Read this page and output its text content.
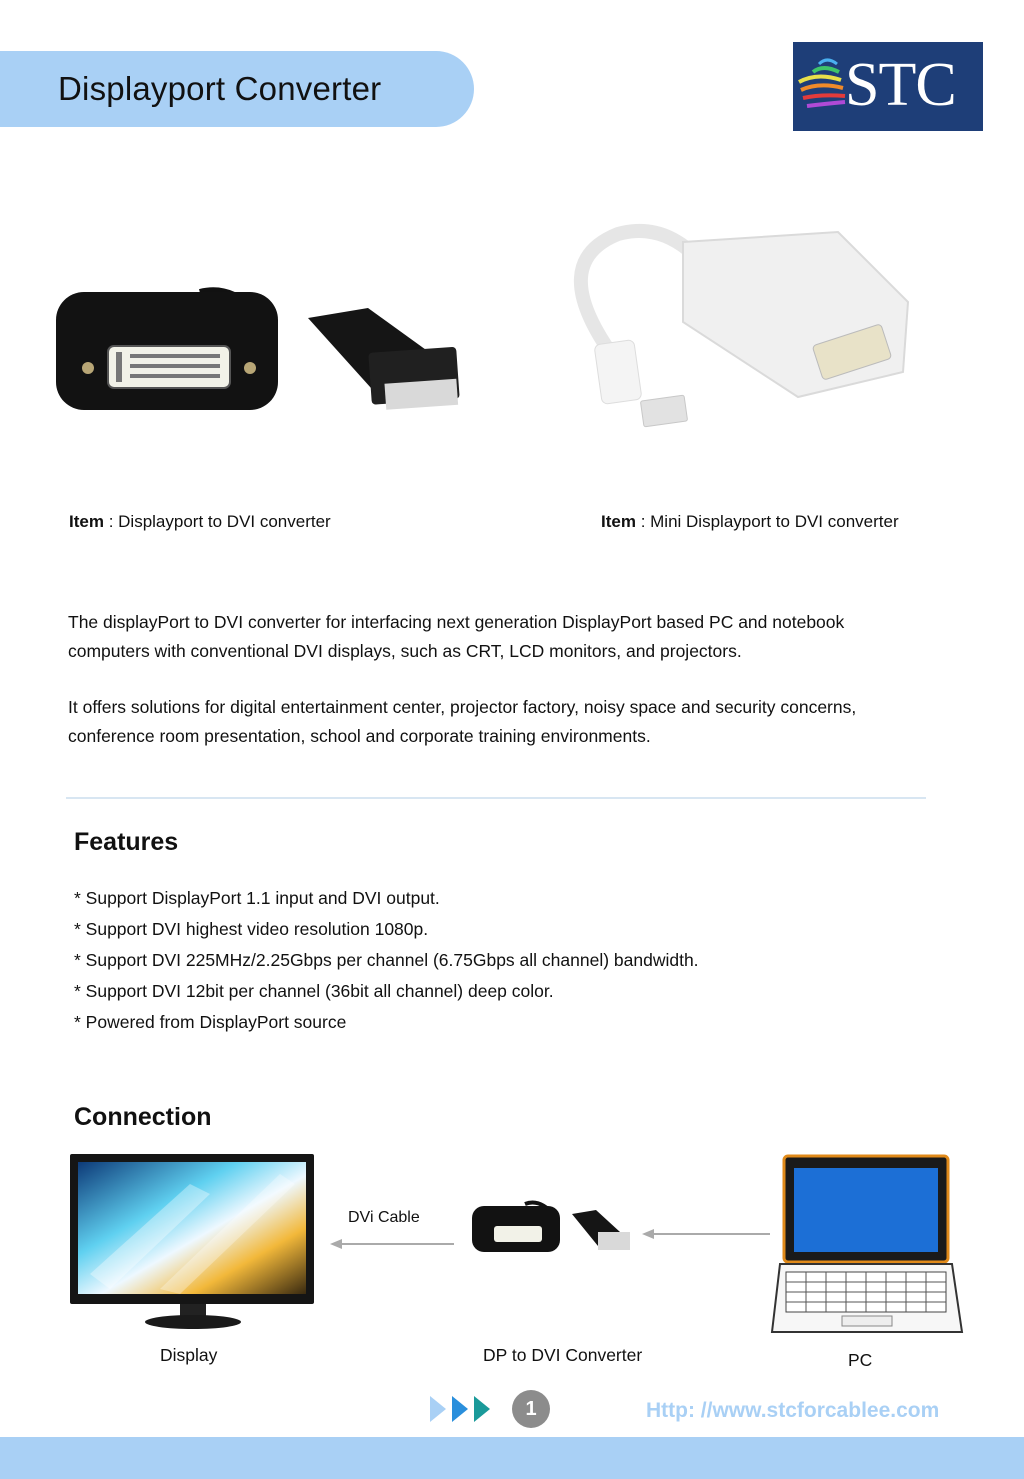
Displayport Converter	STC
Item : Displayport to DVI converter	Item : Mini Displayport to DVI converter
The displayPort to DVI converter for interfacing next generation DisplayPort based PC and notebook
computers with conventional DVI displays, such as CRT, LCD monitors, and projectors.
It offers solutions for digital entertainment center, projector factory, noisy space and security concerns,
conference room presentation, school and corporate training environments.
Features
* Support DisplayPort 1.1 input and DVI output.
* Support DVI highest video resolution 1080p.
* Support DVI 225MHz/2.25Gbps per channel (6.75Gbps all channel) bandwidth.
* Support DVI 12bit per channel (36bit all channel) deep color.
* Powered from DisplayPort source
Connection
DVi Cable
Display	DP to DVI Converter	PC
1	Http: //www.stcforcablee.com
